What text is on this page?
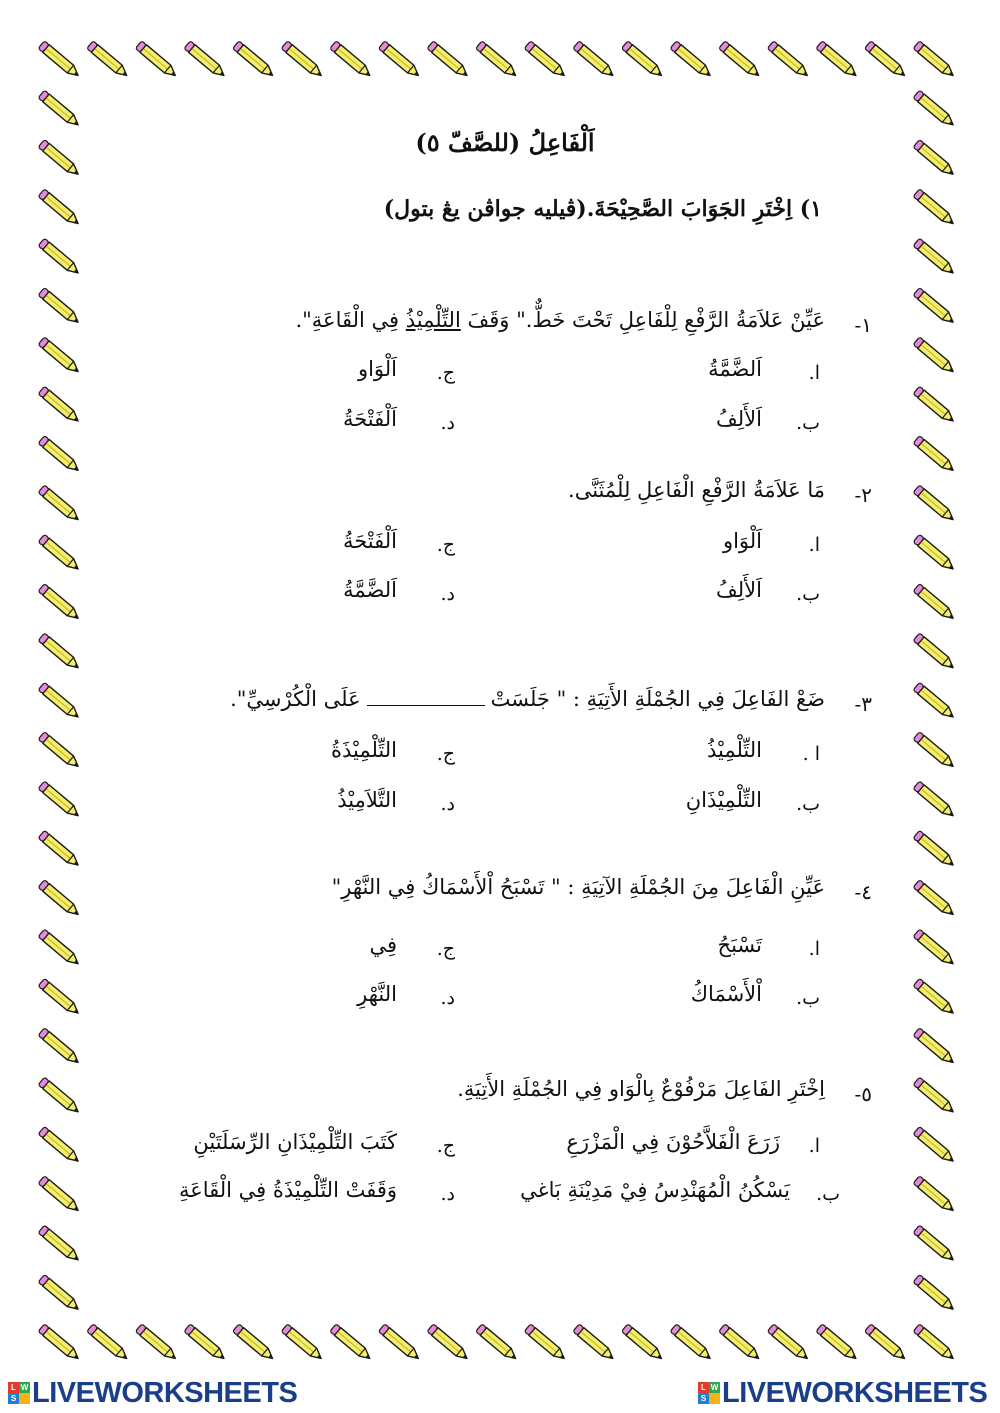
اَلْفَاعِلُ (للصَّفّ ٥)
١) اِخْتَرِ الجَوَابَ الصَّحِيْحَةَ.(ڤيليه جواڤن يڠ بتول)
١-
عَيِّنْ عَلاَمَةُ الرَّفْعِ لِلْفَاعِلِ تَحْتَ خَطٌّ." وَقَفَ التِّلْمِيْذُ فِي الْقَاعَةِ".
ا.
اَلضَّمَّةُ
ج.
اَلْوَاو
ب.
اَلأَلِفُ
د.
اَلْفَتْحَةُ
٢-
مَا عَلاَمَةُ الرَّفْعِ الْفَاعِلِ لِلْمُثَنَّى.
ا.
اَلْوَاو
ج.
اَلْفَتْحَةُ
ب.
اَلأَلِفُ
د.
اَلضَّمَّةُ
٣-
ضَعْ الفَاعِلَ فِي الجُمْلَةِ الأَتِيَةِ : " جَلَسَتْعَلَى الْكُرْسِيِّ".
ا .
التِّلْمِيْذُ
ج.
التِّلْمِيْذَةُ
ب.
التِّلْمِيْذَانِ
د.
التَّلاَمِيْذُ
٤-
عَيِّنِ الْفَاعِلَ مِنَ الجُمْلَةِ الآتِيَةِ : " تَسْبَحُ اْلأَسْمَاكُ فِي النَّهْرِ"
ا.
تَسْبَحُ
ج.
فِي
ب.
اْلأَسْمَاكُ
د.
النَّهْرِ
٥-
اِخْتَرِ الفَاعِلَ مَرْفُوْعٌ بِالْوَاو فِي الجُمْلَةِ الأَتِيَةِ.
ا.
زَرَعَ الْفَلاَّحُوْنَ فِي الْمَزْرَعِ
ج.
كَتَبَ التِّلْمِيْذَانِ الرِّسَلَتَيْنِ
ب.
يَسْكُنُ الْمُهَنْدِسُ فِيْ مَدِيْنَةِ بَاغي
د.
وَقَفَتْ التِّلْمِيْذَةُ فِي الْقَاعَةِ
L W
S LIVEWORKSHEETS	L W
S LIVEWORKSHEETS
